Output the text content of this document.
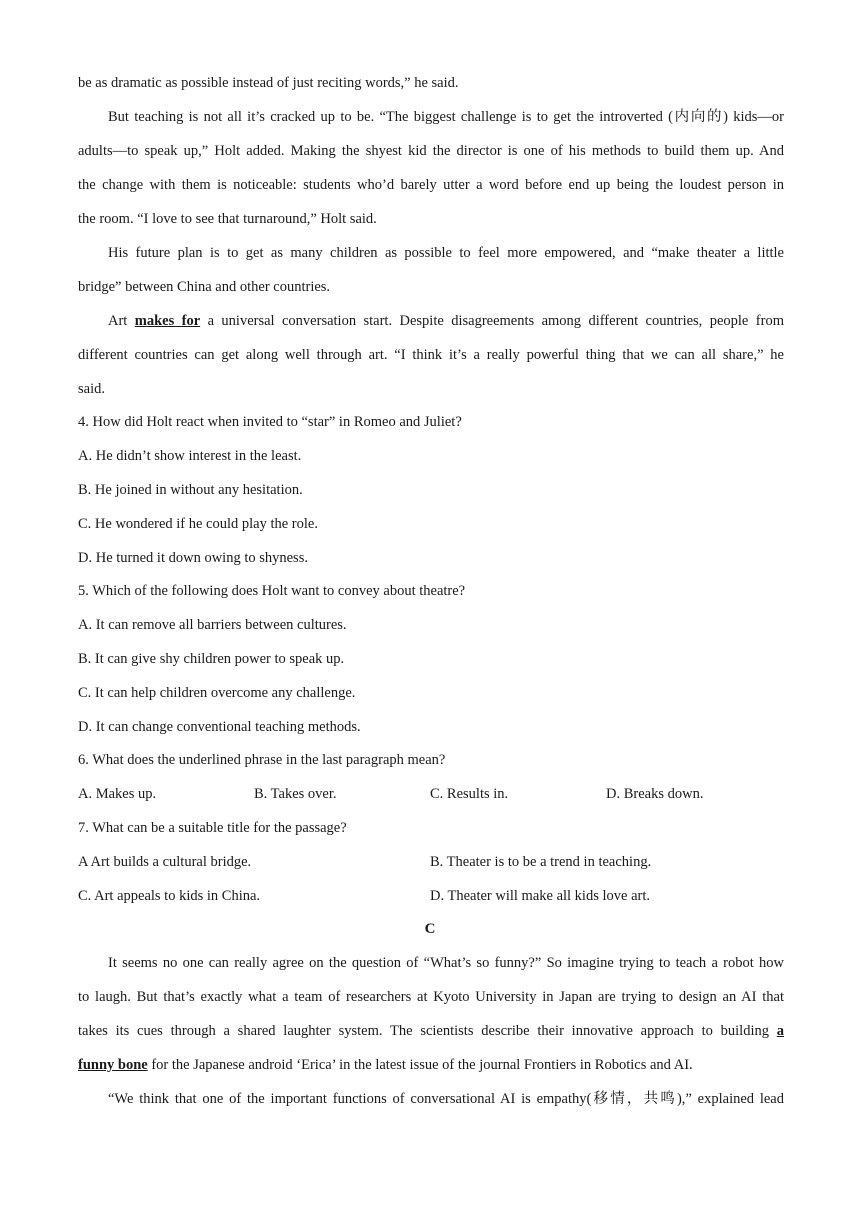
be as dramatic as possible instead of just reciting words,” he said.
But teaching is not all it’s cracked up to be. “The biggest challenge is to get the introverted (内向的) kids—or
adults—to speak up,” Holt added. Making the shyest kid the director is one of his methods to build them up. And
the change with them is noticeable: students who’d barely utter a word before end up being the loudest person in
the room. “I love to see that turnaround,” Holt said.
His future plan is to get as many children as possible to feel more empowered, and “make theater a little
bridge” between China and other countries.
Art makes for a universal conversation start. Despite disagreements among different countries, people from
different countries can get along well through art. “I think it’s a really powerful thing that we can all share,” he
said.
4. How did Holt react when invited to “star” in Romeo and Juliet?
A. He didn’t show interest in the least.
B. He joined in without any hesitation.
C. He wondered if he could play the role.
D. He turned it down owing to shyness.
5. Which of the following does Holt want to convey about theatre?
A. It can remove all barriers between cultures.
B. It can give shy children power to speak up.
C. It can help children overcome any challenge.
D. It can change conventional teaching methods.
6. What does the underlined phrase in the last paragraph mean?
A. Makes up.	B. Takes over.	C. Results in.	D. Breaks down.
7. What can be a suitable title for the passage?
A Art builds a cultural bridge.	B. Theater is to be a trend in teaching.
C. Art appeals to kids in China.	D. Theater will make all kids love art.
C
It seems no one can really agree on the question of “What’s so funny?” So imagine trying to teach a robot how
to laugh. But that’s exactly what a team of researchers at Kyoto University in Japan are trying to design an AI that
takes its cues through a shared laughter system. The scientists describe their innovative approach to building a
funny bone for the Japanese android ‘Erica’ in the latest issue of the journal Frontiers in Robotics and AI.
“We think that one of the important functions of conversational AI is empathy(移情，共鸣),” explained lead
